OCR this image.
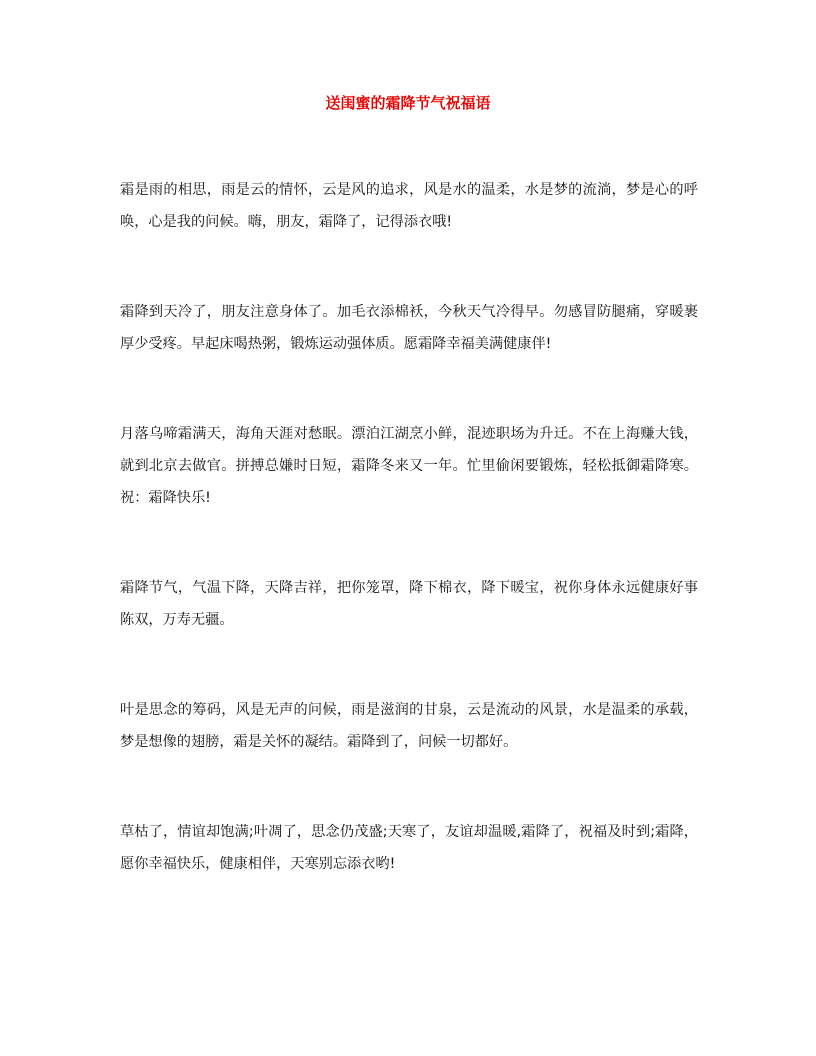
送闺蜜的霜降节气祝福语

霜是雨的相思，雨是云的情怀，云是风的追求，风是水的温柔，水是梦的流淌，梦是心的呼唤，心是我的问候。嗨，朋友，霜降了，记得添衣哦!

霜降到天冷了，朋友注意身体了。加毛衣添棉袄，今秋天气冷得早。勿感冒防腿痛，穿暖裹厚少受疼。早起床喝热粥，锻炼运动强体质。愿霜降幸福美满健康伴!

月落乌啼霜满天，海角天涯对愁眠。漂泊江湖烹小鲜，混迹职场为升迁。不在上海赚大钱，就到北京去做官。拼搏总嫌时日短，霜降冬来又一年。忙里偷闲要锻炼，轻松抵御霜降寒。祝：霜降快乐!

霜降节气，气温下降，天降吉祥，把你笼罩，降下棉衣，降下暖宝，祝你身体永远健康好事陈双，万寿无疆。

叶是思念的筹码，风是无声的问候，雨是滋润的甘泉，云是流动的风景，水是温柔的承载，梦是想像的翅膀，霜是关怀的凝结。霜降到了，问候一切都好。

草枯了，情谊却饱满;叶凋了，思念仍茂盛;天寒了，友谊却温暖,霜降了，祝福及时到;霜降，愿你幸福快乐，健康相伴，天寒别忘添衣哟!
